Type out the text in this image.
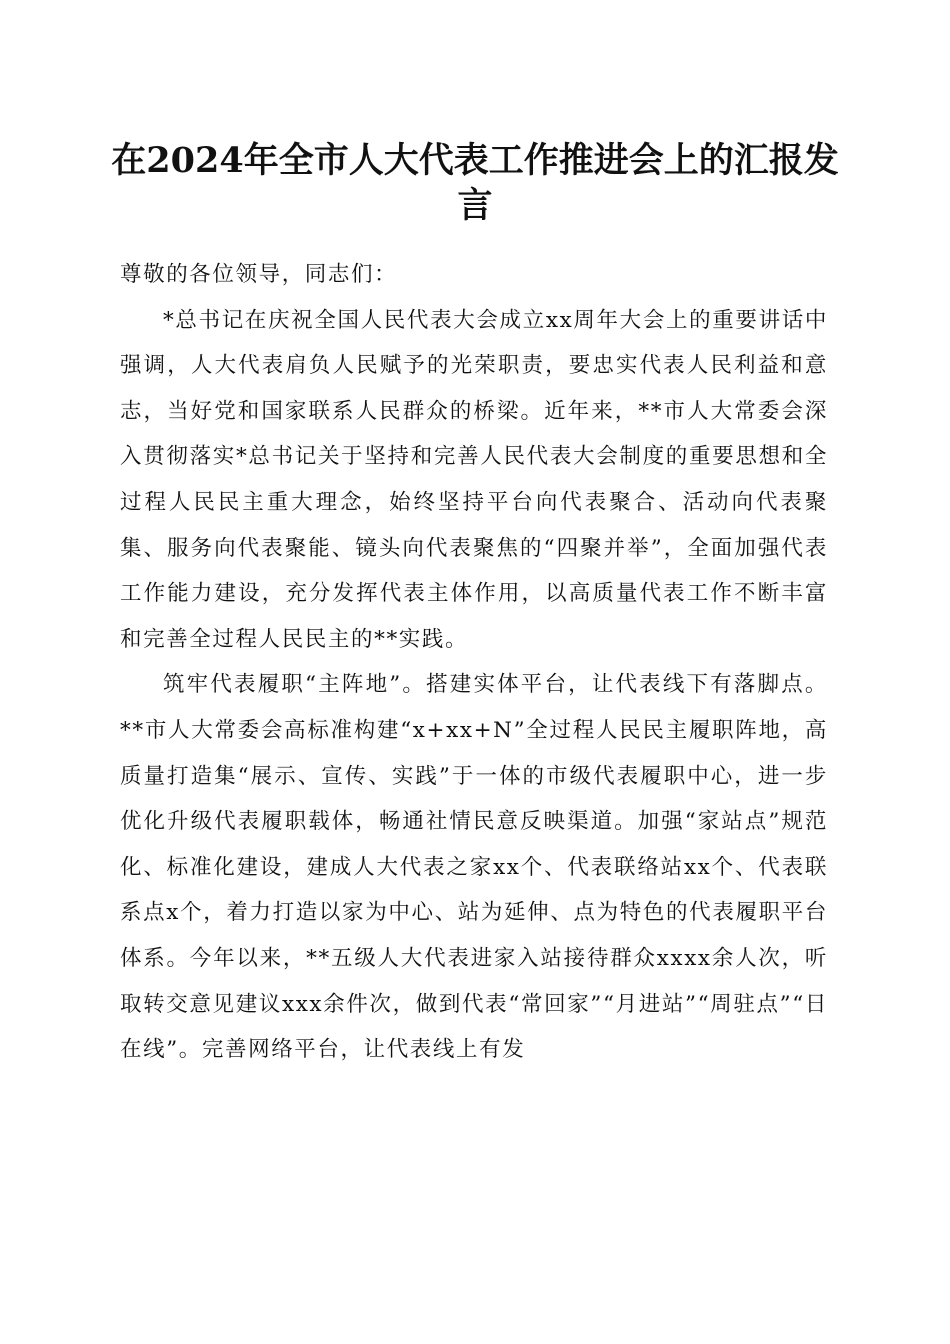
在2024年全市人大代表工作推进会上的汇报发言

尊敬的各位领导，同志们：

*总书记在庆祝全国人民代表大会成立xx周年大会上的重要讲话中强调，人大代表肩负人民赋予的光荣职责，要忠实代表人民利益和意志，当好党和国家联系人民群众的桥梁。近年来，**市人大常委会深入贯彻落实*总书记关于坚持和完善人民代表大会制度的重要思想和全过程人民民主重大理念，始终坚持平台向代表聚合、活动向代表聚集、服务向代表聚能、镜头向代表聚焦的“四聚并举”，全面加强代表工作能力建设，充分发挥代表主体作用，以高质量代表工作不断丰富和完善全过程人民民主的**实践。

筑牢代表履职“主阵地”。搭建实体平台，让代表线下有落脚点。**市人大常委会高标准构建“x+xx+N”全过程人民民主履职阵地，高质量打造集“展示、宣传、实践”于一体的市级代表履职中心，进一步优化升级代表履职载体，畅通社情民意反映渠道。加强“家站点”规范化、标准化建设，建成人大代表之家xx个、代表联络站xx个、代表联系点x个，着力打造以家为中心、站为延伸、点为特色的代表履职平台体系。今年以来，**五级人大代表进家入站接待群众xxxx余人次，听取转交意见建议xxx余件次，做到代表“常回家”“月进站”“周驻点”“日在线”。完善网络平台，让代表线上有发
